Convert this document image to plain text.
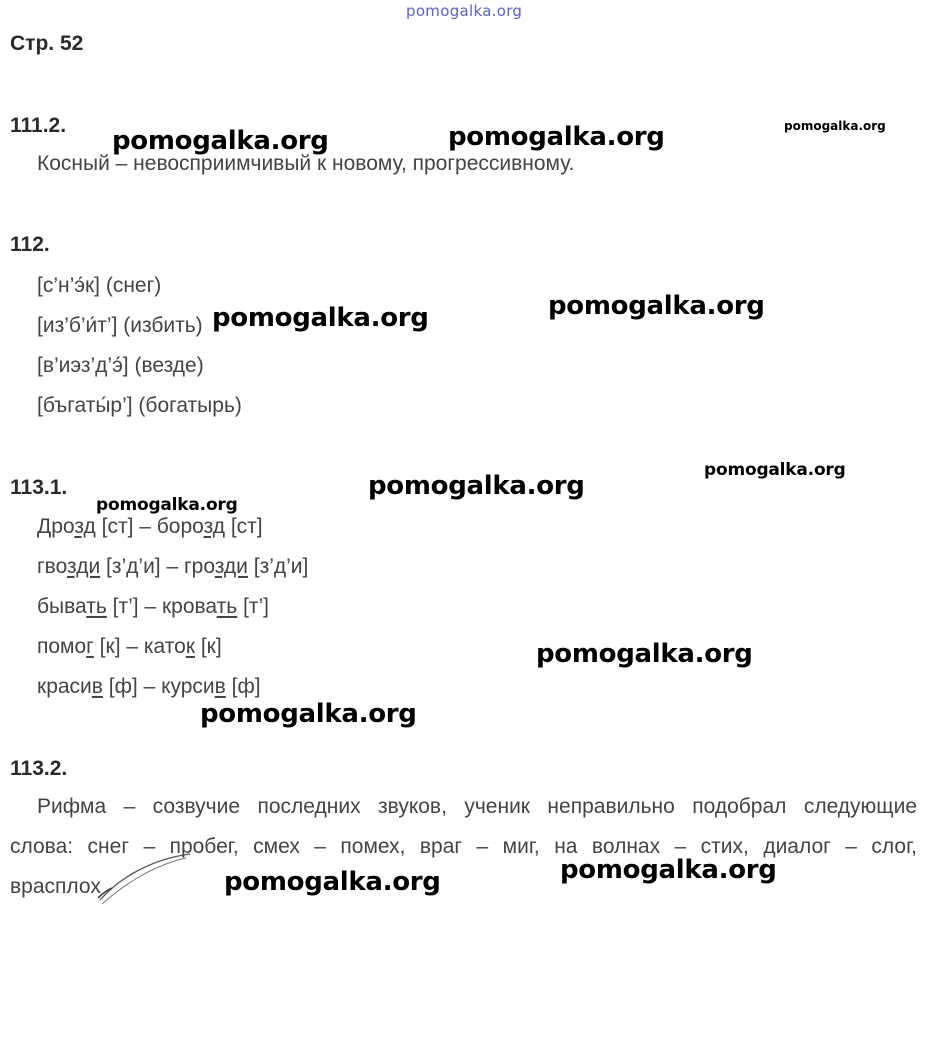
pomogalka.org
Стр. 52
111.2.
Косный – невосприимчивый к новому, прогрессивному.
112.
[с’н’э́к] (снег)
[из’б’и́т’] (избить)
[в’иэз’д’э́] (везде)
[бъгаты́р’] (богатырь)
113.1.
Дрозд [ст] – борозд [ст]
гвозди [з’д’и] – грозди [з’д’и]
бывать [т’] – кровать [т’]
помог [к] – каток [к]
красив [ф] – курсив [ф]
113.2.
Рифма – созвучие последних звуков, ученик неправильно подобрал следующие
слова: снег – пробег, смех – помех, враг – миг, на волнах – стих, диалог – слог,
врасплох
pomogalka.org	pomogalka.org	pomogalka.org
pomogalka.org	pomogalka.org
pomogalka.org
pomogalka.org
pomogalka.org
pomogalka.org
pomogalka.org
pomogalka.org
pomogalka.org
